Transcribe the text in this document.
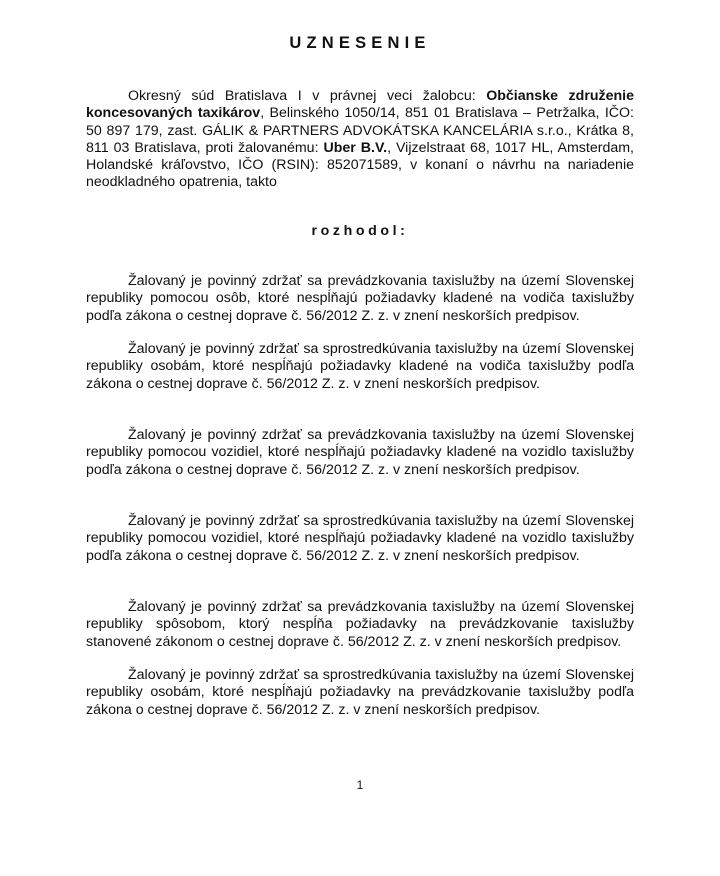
UZNESENIE

Okresný súd Bratislava I v právnej veci žalobcu: Občianske združenie koncesovaných taxikárov, Belinského 1050/14, 851 01 Bratislava – Petržalka, IČO: 50 897 179, zast. GÁLIK & PARTNERS ADVOKÁTSKA KANCELÁRIA s.r.o., Krátka 8, 811 03 Bratislava, proti žalovanému: Uber B.V., Vijzelstraat 68, 1017 HL, Amsterdam, Holandské kráľovstvo, IČO (RSIN): 852071589, v konaní o návrhu na nariadenie neodkladného opatrenia, takto

rozhodol:

Žalovaný je povinný zdržať sa prevádzkovania taxislužby na území Slovenskej republiky pomocou osôb, ktoré nespĺňajú požiadavky kladené na vodiča taxislužby podľa zákona o cestnej doprave č. 56/2012 Z. z. v znení neskorších predpisov.

Žalovaný je povinný zdržať sa sprostredkúvania taxislužby na území Slovenskej republiky osobám, ktoré nespĺňajú požiadavky kladené na vodiča taxislužby podľa zákona o cestnej doprave č. 56/2012 Z. z. v znení neskorších predpisov.

Žalovaný je povinný zdržať sa prevádzkovania taxislužby na území Slovenskej republiky pomocou vozidiel, ktoré nespĺňajú požiadavky kladené na vozidlo taxislužby podľa zákona o cestnej doprave č. 56/2012 Z. z. v znení neskorších predpisov.

Žalovaný je povinný zdržať sa sprostredkúvania taxislužby na území Slovenskej republiky pomocou vozidiel, ktoré nespĺňajú požiadavky kladené na vozidlo taxislužby podľa zákona o cestnej doprave č. 56/2012 Z. z. v znení neskorších predpisov.

Žalovaný je povinný zdržať sa prevádzkovania taxislužby na území Slovenskej republiky spôsobom, ktorý nespĺňa požiadavky na prevádzkovanie taxislužby stanovené zákonom o cestnej doprave č. 56/2012 Z. z. v znení neskorších predpisov.

Žalovaný je povinný zdržať sa sprostredkúvania taxislužby na území Slovenskej republiky osobám, ktoré nespĺňajú požiadavky na prevádzkovanie taxislužby podľa zákona o cestnej doprave č. 56/2012 Z. z. v znení neskorších predpisov.

1
